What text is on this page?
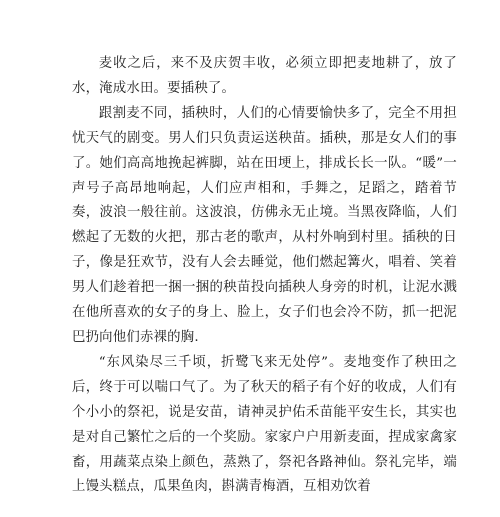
麦收之后，来不及庆贺丰收，必须立即把麦地耕了，放了水，淹成水田。要插秧了。

跟割麦不同，插秧时，人们的心情要愉快多了，完全不用担忧天气的剧变。男人们只负责运送秧苗。插秧，那是女人们的事了。她们高高地挽起裤脚，站在田埂上，排成长长一队。“暖”一声号子高昂地响起，人们应声相和，手舞之，足蹈之，踏着节奏，波浪一般往前。这波浪，仿佛永无止境。当黑夜降临，人们燃起了无数的火把，那古老的歌声，从村外响到村里。插秧的日子，像是狂欢节，没有人会去睡觉，他们燃起篝火，唱着、笑着男人们趁着把一捆一捆的秧苗投向插秧人身旁的时机，让泥水溅在他所喜欢的女子的身上、脸上，女子们也会冷不防，抓一把泥巴扔向他们赤裸的胸.

“东风染尽三千顷，折鹭飞来无处停”。麦地变作了秧田之后，终于可以喘口气了。为了秋天的稻子有个好的收成，人们有个小小的祭祀，说是安苗，请神灵护佑禾苗能平安生长，其实也是对自己繁忙之后的一个奖励。家家户户用新麦面，捏成家禽家畜，用蔬菜点染上颜色，蒸熟了，祭祀各路神仙。祭礼完毕，端上馒头糕点，瓜果鱼肉，斟满青梅酒，互相劝饮着
